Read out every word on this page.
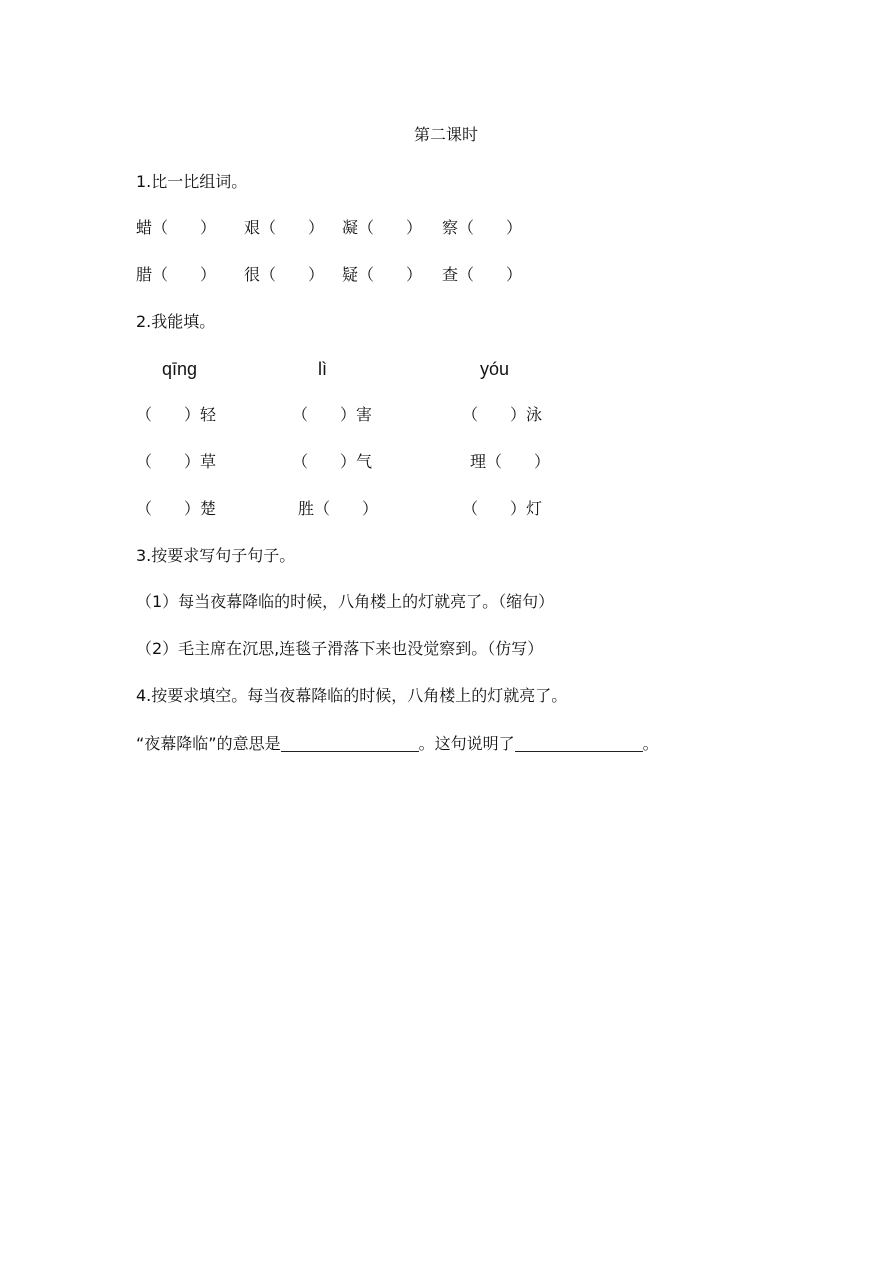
第二课时
1.比一比组词。
蜡（　　） 艰（　　） 凝（　　） 察（　　）
腊（　　） 很（　　） 疑（　　） 查（　　）
2.我能填。
qīng	lì	yóu
（　　）轻	（　　）害	（　　）泳
（　　）草	（　　）气	理（　　）
（　　）楚	胜（　　）	（　　）灯
3.按要求写句子句子。
（1）每当夜幕降临的时候，八角楼上的灯就亮了。（缩句）
（2）毛主席在沉思,连毯子滑落下来也没觉察到。（仿写）
4.按要求填空。每当夜幕降临的时候，八角楼上的灯就亮了。
“夜幕降临”的意思是	。这句说明了	。
